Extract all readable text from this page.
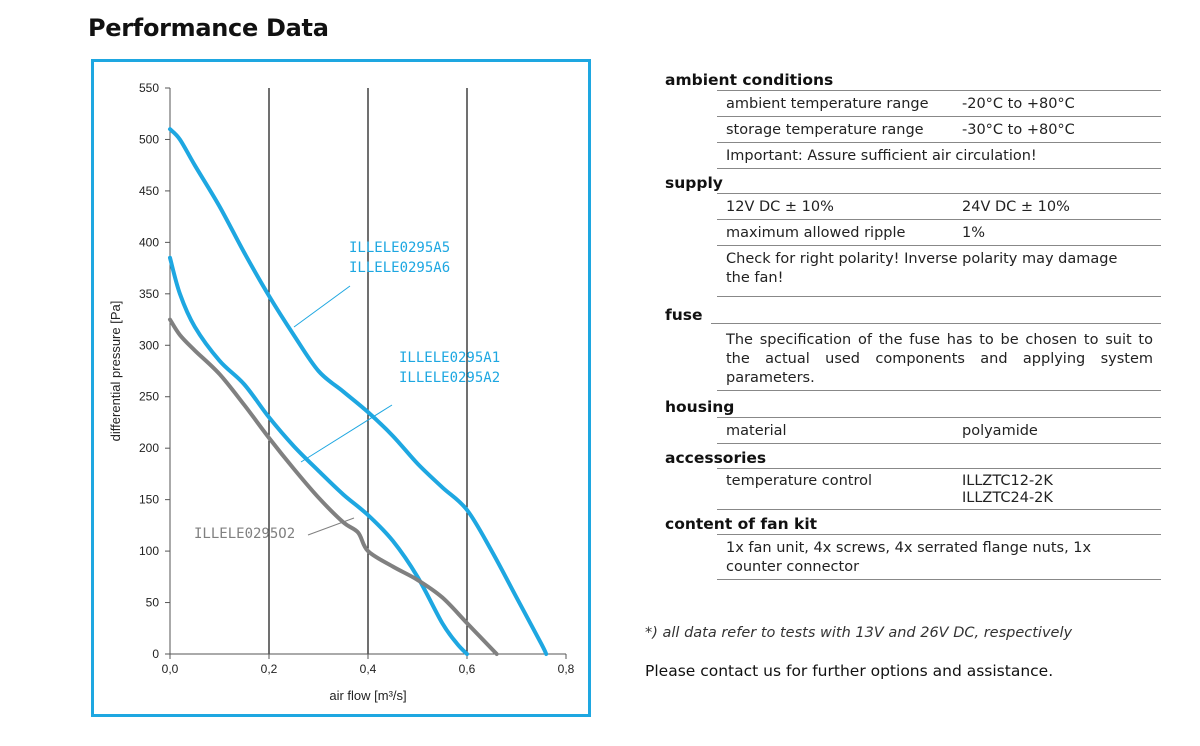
Performance Data
0
50
100
150
200
250
300
350
400
450
500
550
0,0	0,2	0,4	0,6	0,8
ILLELE0295A5
ILLELE0295A6
ILLELE0295A1
ILLELE0295A2
ILLELE0295O2
air flow [m³/s]
differential pressure [Pa]
ambient conditions
ambient temperature range	-20°C to +80°C
storage temperature range	-30°C to +80°C
Important: Assure sufficient air circulation!
supply
12V DC ± 10%	24V DC ± 10%
maximum allowed ripple	1%
Check for right polarity! Inverse polarity may damage
the fan!
fuse
The specification of the fuse has to be chosen to suit to the actual used components and applying system parameters.
housing
material	polyamide
accessories
temperature control	ILLZTC12-2K
ILLZTC24-2K
content of fan kit
1x fan unit, 4x screws, 4x serrated flange nuts, 1x
counter connector
*) all data refer to tests with 13V and 26V DC, respectively
Please contact us for further options and assistance.
